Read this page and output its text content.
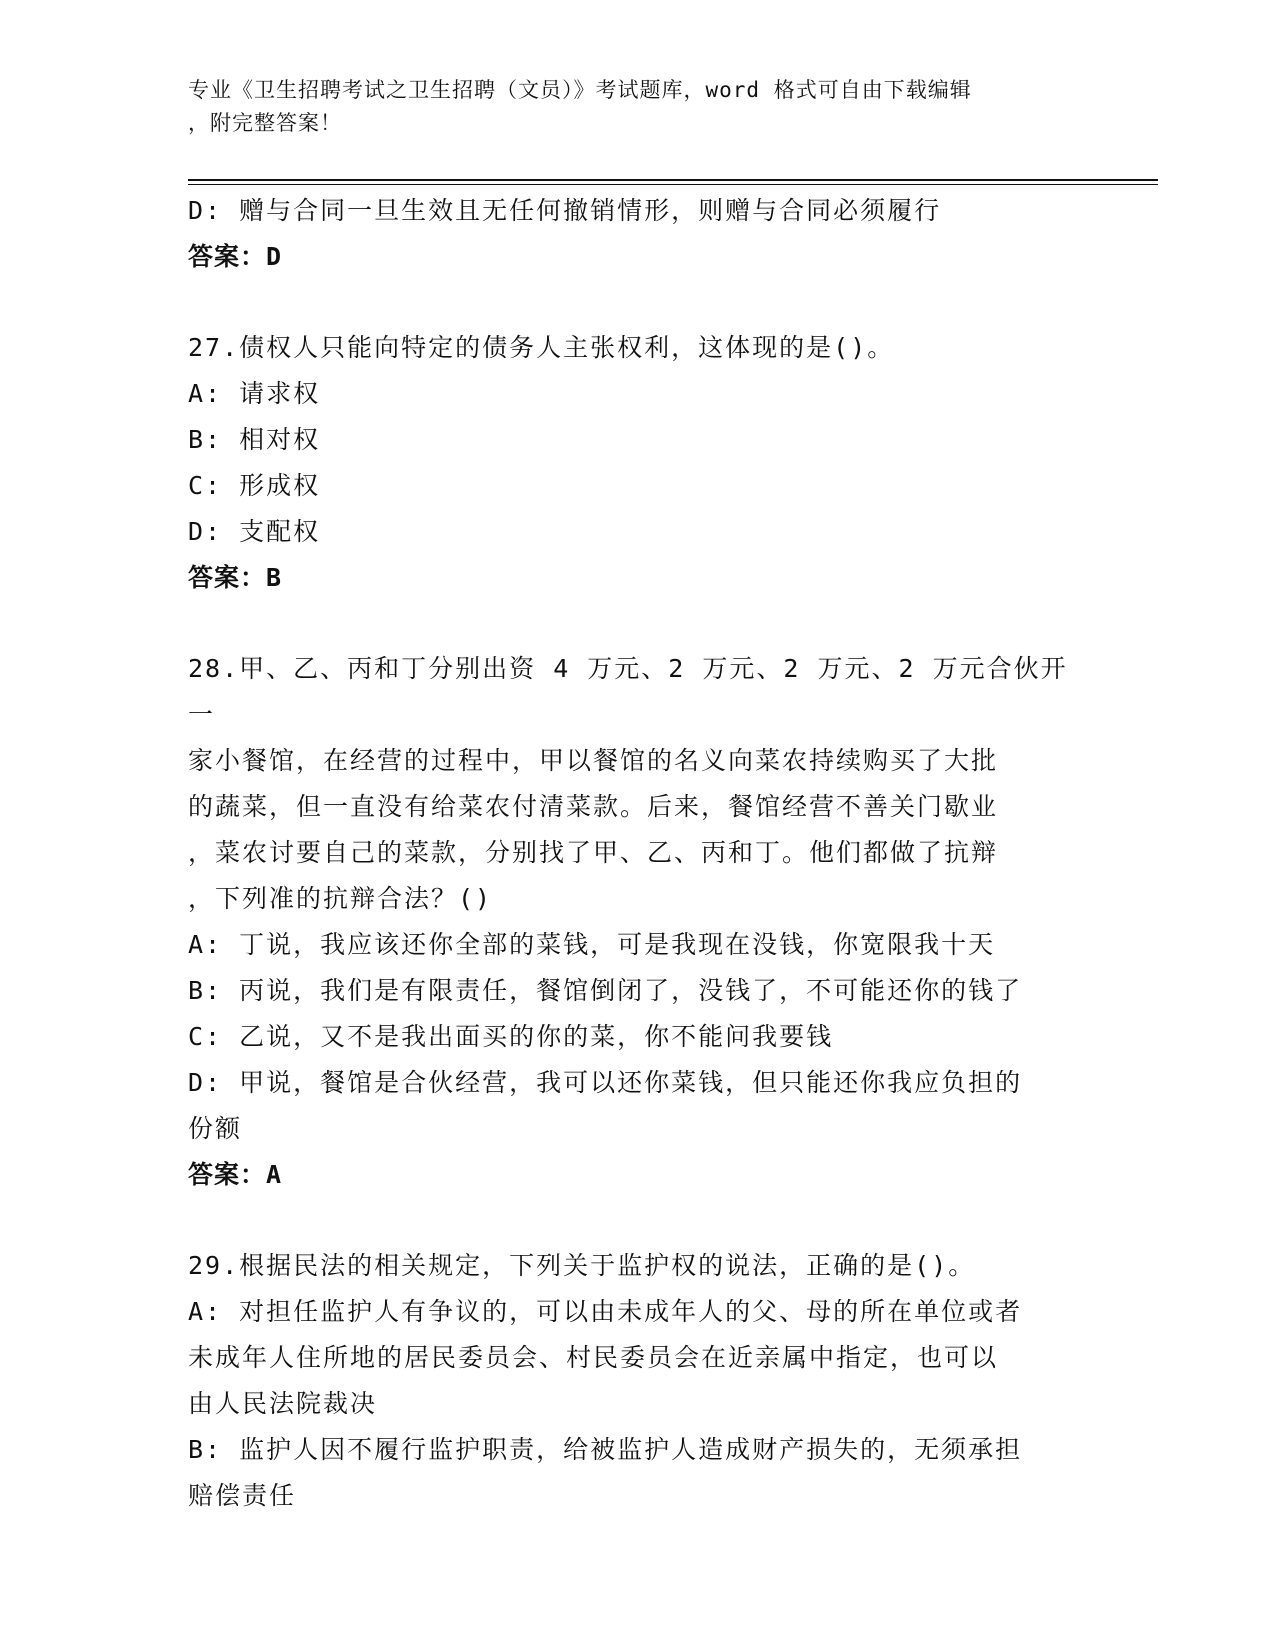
专业《卫生招聘考试之卫生招聘（文员）》考试题库，word 格式可自由下载编辑
，附完整答案！
D: 赠与合同一旦生效且无任何撤销情形，则赠与合同必须履行
答案：D
27.债权人只能向特定的债务人主张权利，这体现的是()。
A: 请求权
B: 相对权
C: 形成权
D: 支配权
答案：B
28.甲、乙、丙和丁分别出资 4 万元、2 万元、2 万元、2 万元合伙开一
家小餐馆，在经营的过程中，甲以餐馆的名义向菜农持续购买了大批
的蔬菜，但一直没有给菜农付清菜款。后来，餐馆经营不善关门歇业
，菜农讨要自己的菜款，分别找了甲、乙、丙和丁。他们都做了抗辩
，下列准的抗辩合法？()
A: 丁说，我应该还你全部的菜钱，可是我现在没钱，你宽限我十天
B: 丙说，我们是有限责任，餐馆倒闭了，没钱了，不可能还你的钱了
C: 乙说，又不是我出面买的你的菜，你不能问我要钱
D: 甲说，餐馆是合伙经营，我可以还你菜钱，但只能还你我应负担的
份额
答案：A
29.根据民法的相关规定，下列关于监护权的说法，正确的是()。
A: 对担任监护人有争议的，可以由未成年人的父、母的所在单位或者
未成年人住所地的居民委员会、村民委员会在近亲属中指定，也可以
由人民法院裁决
B: 监护人因不履行监护职责，给被监护人造成财产损失的，无须承担
赔偿责任
